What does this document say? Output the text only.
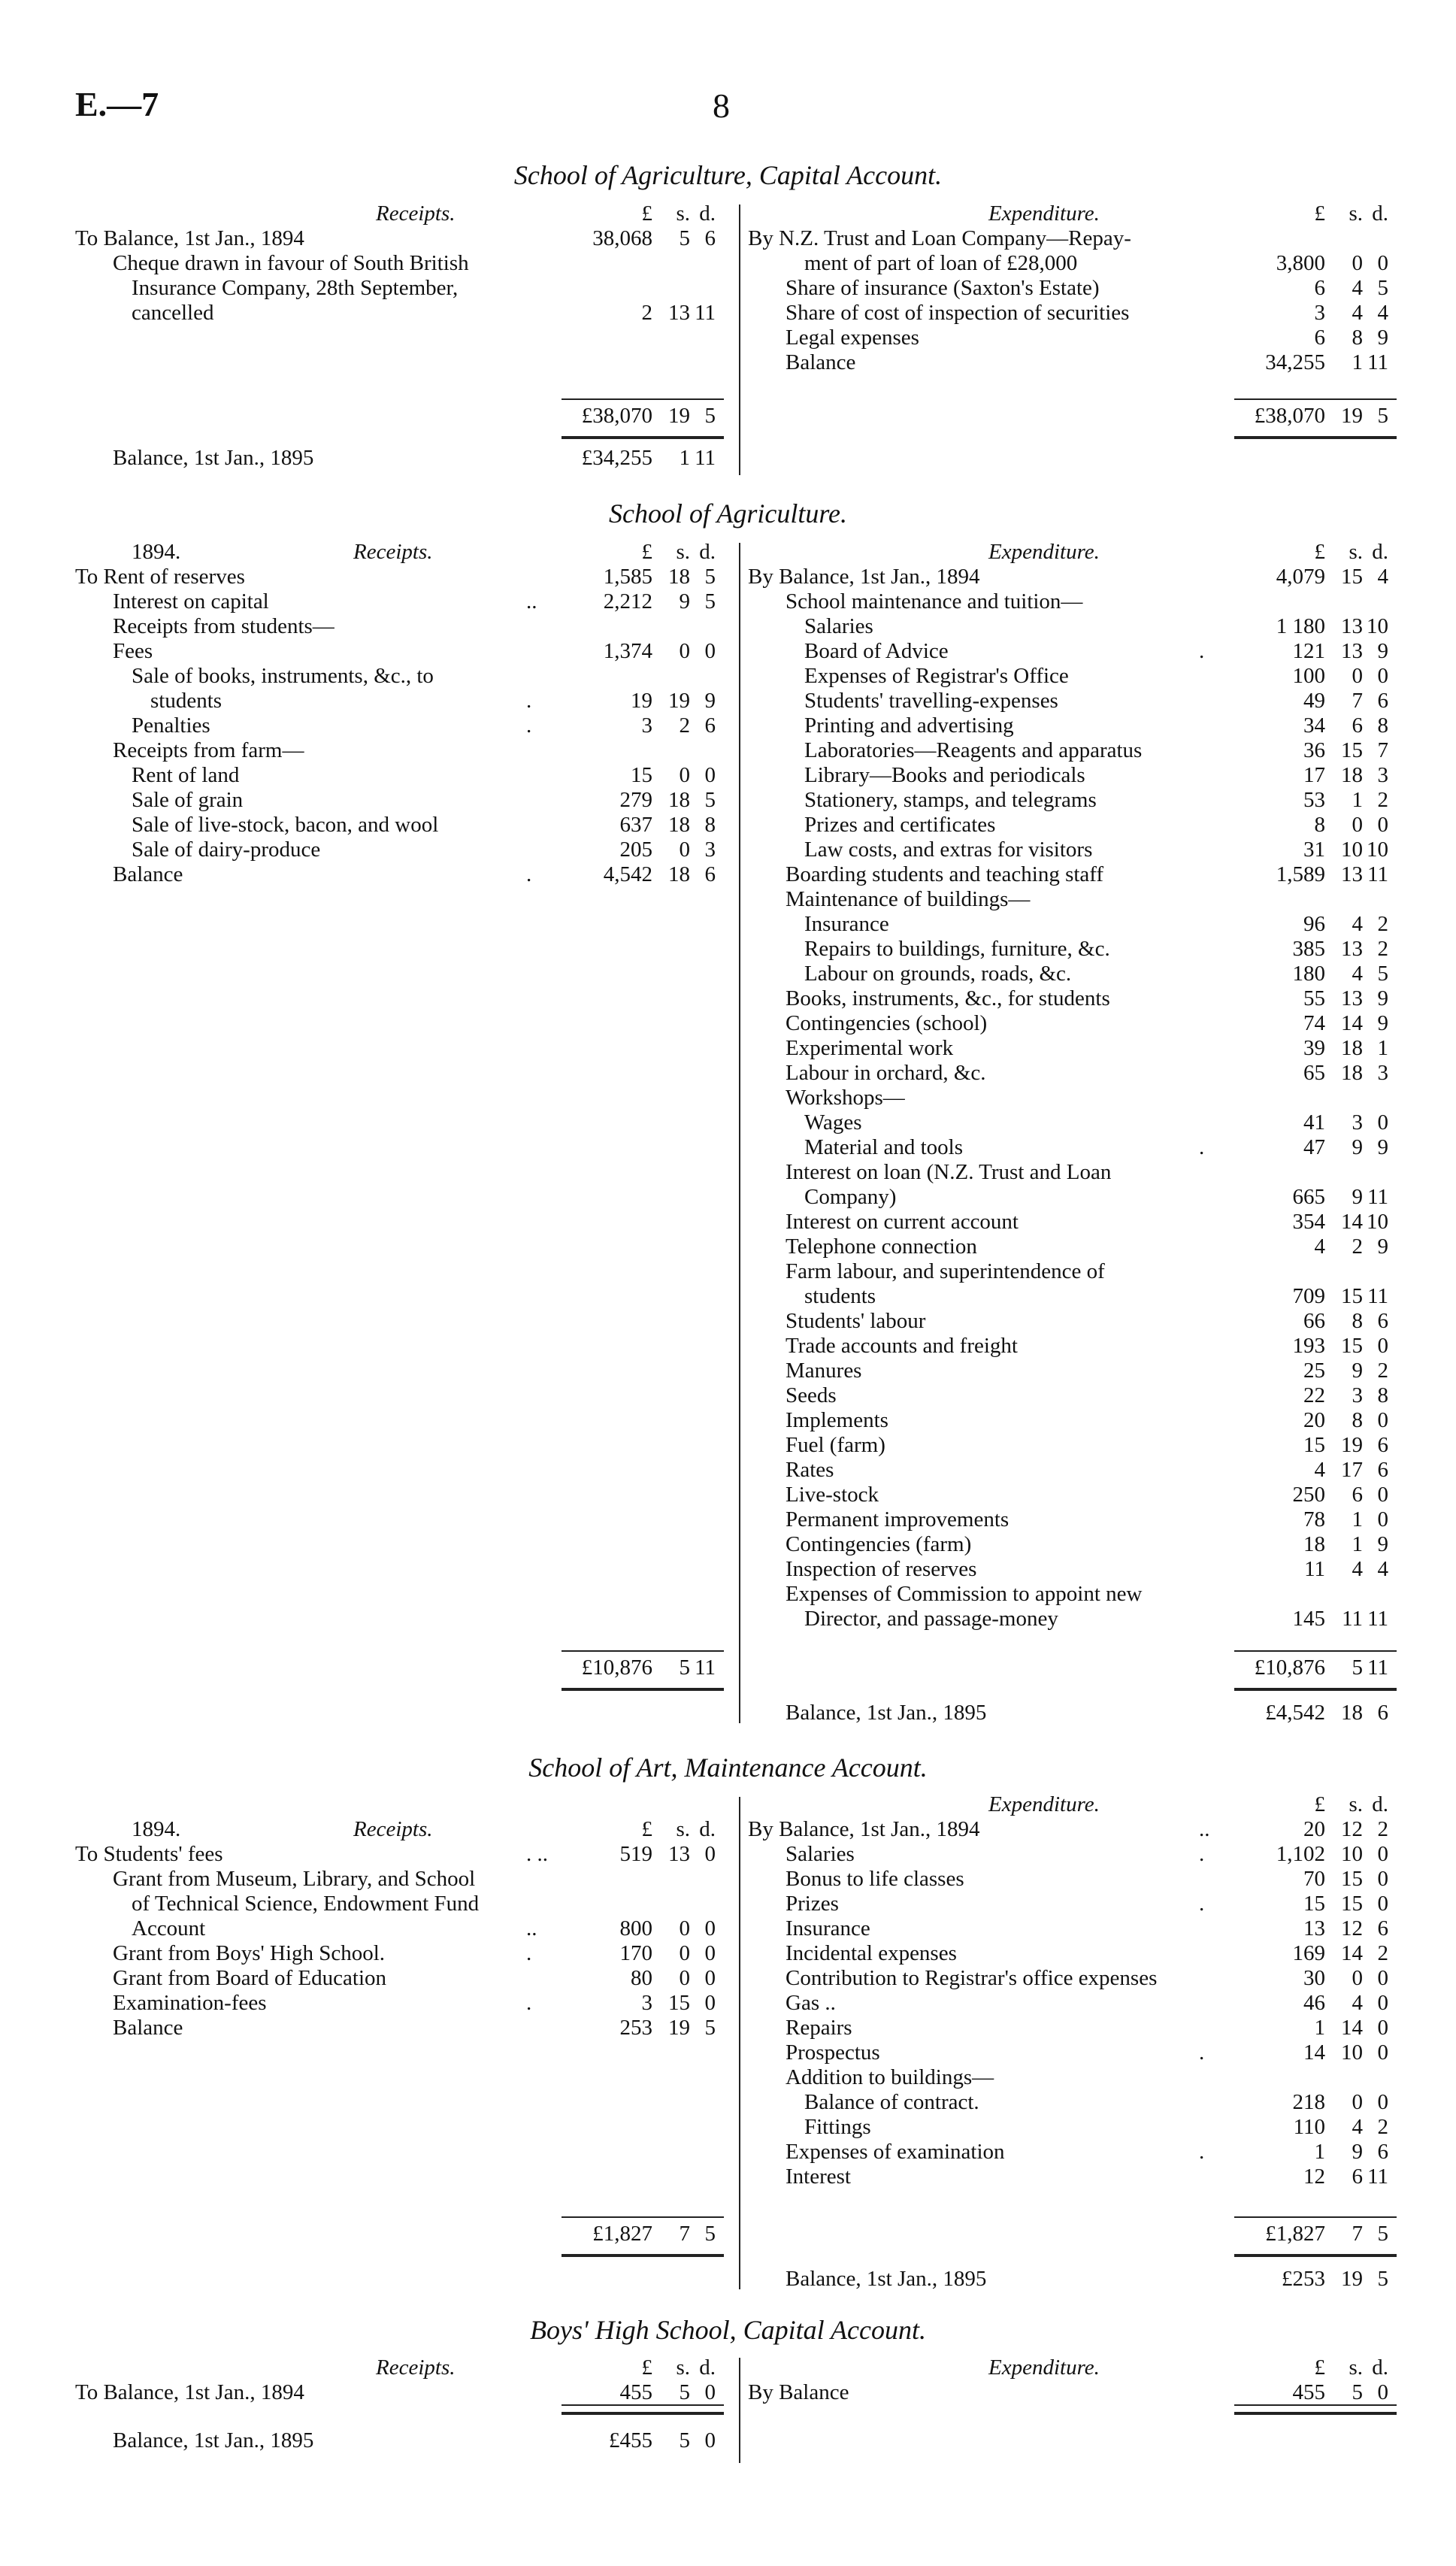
E.—7	8
School of Agriculture, Capital Account.
Receipts.	£ s. d.
To Balance, 1st Jan., 1894	38,068 5 6
Cheque drawn in favour of South British
Insurance Company, 28th September,
cancelled	2 13 11
Expenditure.	£ s. d.
By N.Z. Trust and Loan Company—Repay-
ment of part of loan of £28,000	3,800 0 0
Share of insurance (Saxton's Estate)	6 4 5
Share of cost of inspection of securities	3 4 4
Legal expenses	6 8 9
Balance	34,255 1 11
£38,070 19 5	£38,070 19 5
Balance, 1st Jan., 1895	£34,255 1 11
School of Agriculture.
1894.	Receipts.	£ s. d.
To Rent of reserves	1,585 18 5
Interest on capital	..	2,212 9 5
Receipts from students—
Fees	1,374 0 0
Sale of books, instruments, &c., to
students	.	19 19 9
Penalties	.	3 2 6
Receipts from farm—
Rent of land	15 0 0
Sale of grain	279 18 5
Sale of live-stock, bacon, and wool	637 18 8
Sale of dairy-produce	205 0 3
Balance	.	4,542 18 6
Expenditure.	£ s. d.
By Balance, 1st Jan., 1894	4,079 15 4
School maintenance and tuition—
Salaries	1 180 13 10
Board of Advice	.	121 13 9
Expenses of Registrar's Office	100 0 0
Students' travelling-expenses	49 7 6
Printing and advertising	34 6 8
Laboratories—Reagents and apparatus	36 15 7
Library—Books and periodicals	17 18 3
Stationery, stamps, and telegrams	53 1 2
Prizes and certificates	8 0 0
Law costs, and extras for visitors	31 10 10
Boarding students and teaching staff	1,589 13 11
Maintenance of buildings—
Insurance	96 4 2
Repairs to buildings, furniture, &c.	385 13 2
Labour on grounds, roads, &c.	180 4 5
Books, instruments, &c., for students	55 13 9
Contingencies (school)	74 14 9
Experimental work	39 18 1
Labour in orchard, &c.	65 18 3
Workshops—
Wages	41 3 0
Material and tools	.	47 9 9
Interest on loan (N.Z. Trust and Loan
Company)	665 9 11
Interest on current account	354 14 10
Telephone connection	4 2 9
Farm labour, and superintendence of
students	709 15 11
Students' labour	66 8 6
Trade accounts and freight	193 15 0
Manures	25 9 2
Seeds	22 3 8
Implements	20 8 0
Fuel (farm)	15 19 6
Rates	4 17 6
Live-stock	250 6 0
Permanent improvements	78 1 0
Contingencies (farm)	18 1 9
Inspection of reserves	11 4 4
Expenses of Commission to appoint new
Director, and passage-money	145 11 11
£10,876 5 11	£10,876 5 11
Balance, 1st Jan., 1895	£4,542 18 6
School of Art, Maintenance Account.
1894.	Receipts.	£ s. d.
To Students' fees	. ..	519 13 0
Grant from Museum, Library, and School
of Technical Science, Endowment Fund
Account	..	800 0 0
Grant from Boys' High School.	.	170 0 0
Grant from Board of Education	80 0 0
Examination-fees	.	3 15 0
Balance	253 19 5
Expenditure.	£ s. d.
By Balance, 1st Jan., 1894	..	20 12 2
Salaries	.	1,102 10 0
Bonus to life classes	70 15 0
Prizes	.	15 15 0
Insurance	13 12 6
Incidental expenses	169 14 2
Contribution to Registrar's office expenses	30 0 0
Gas ..	46 4 0
Repairs	1 14 0
Prospectus	.	14 10 0
Addition to buildings—
Balance of contract.	218 0 0
Fittings	110 4 2
Expenses of examination	.	1 9 6
Interest	12 6 11
£1,827 7 5	£1,827 7 5
Balance, 1st Jan., 1895	£253 19 5
Boys' High School, Capital Account.
Receipts.	£ s. d.
To Balance, 1st Jan., 1894	455 5 0
Expenditure.	£ s. d.
By Balance	455 5 0
Balance, 1st Jan., 1895	£455 5 0
